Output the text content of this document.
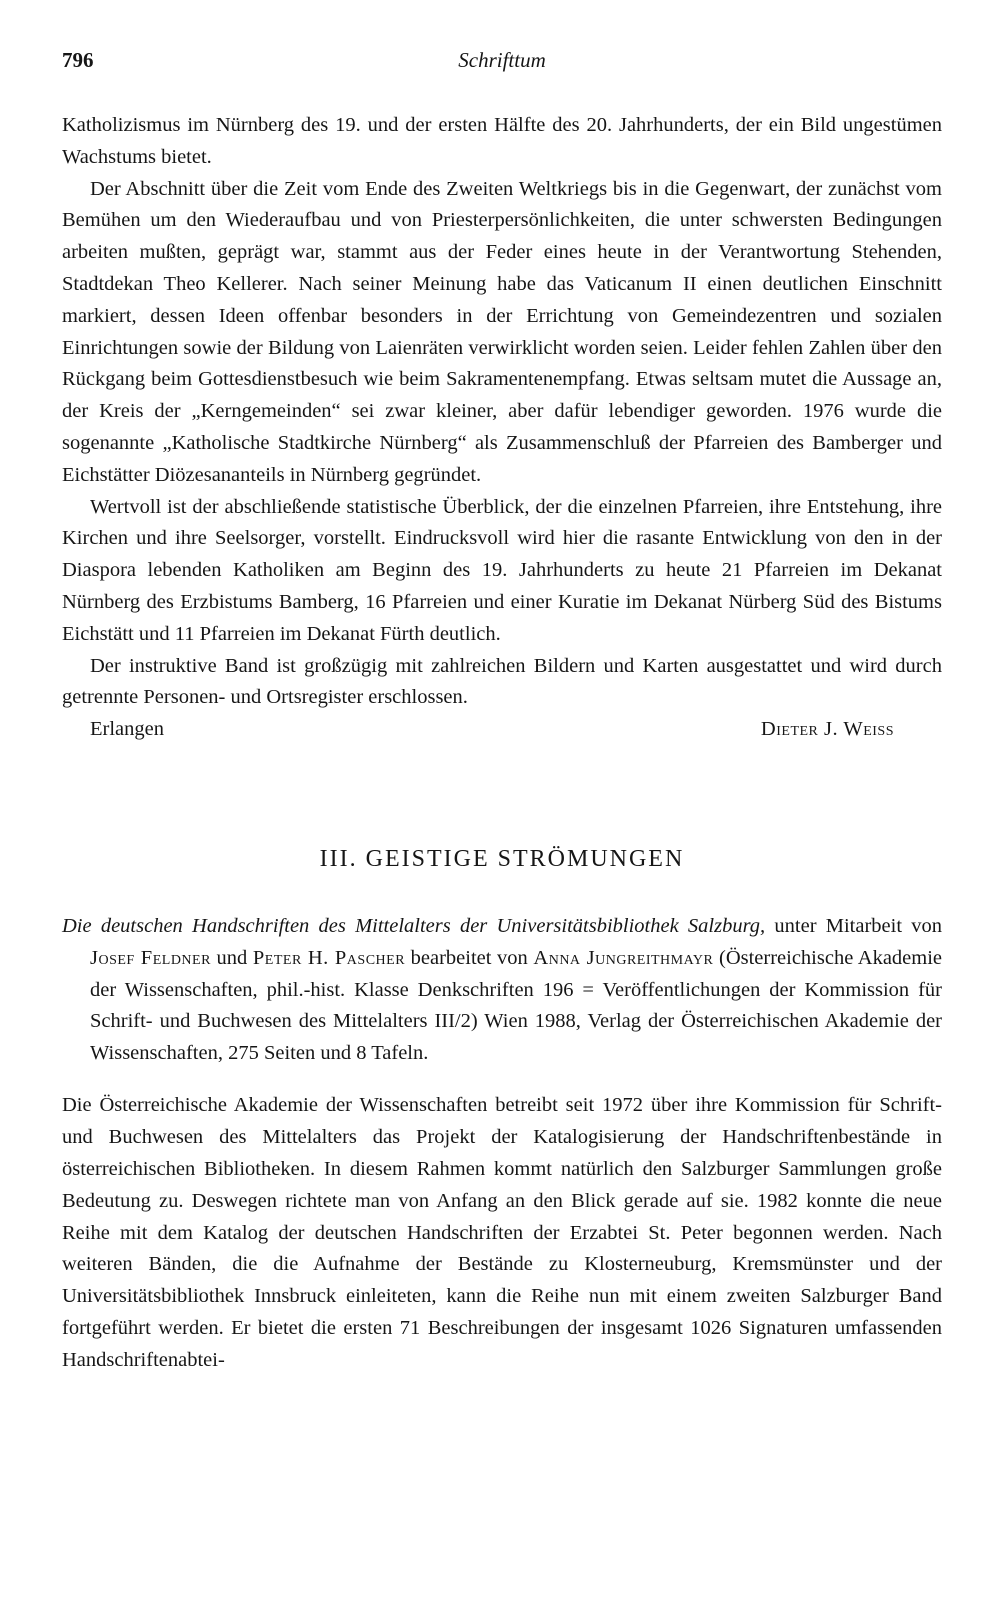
796	Schrifttum

Katholizismus im Nürnberg des 19. und der ersten Hälfte des 20. Jahrhunderts, der ein Bild ungestümen Wachstums bietet.

Der Abschnitt über die Zeit vom Ende des Zweiten Weltkriegs bis in die Gegenwart, der zunächst vom Bemühen um den Wiederaufbau und von Priesterpersönlichkeiten, die unter schwersten Bedingungen arbeiten mußten, geprägt war, stammt aus der Feder eines heute in der Verantwortung Stehenden, Stadtdekan Theo Kellerer. Nach seiner Meinung habe das Vaticanum II einen deutlichen Einschnitt markiert, dessen Ideen offenbar besonders in der Errichtung von Gemeindezentren und sozialen Einrichtungen sowie der Bildung von Laienräten verwirklicht worden seien. Leider fehlen Zahlen über den Rückgang beim Gottesdienstbesuch wie beim Sakramentenempfang. Etwas seltsam mutet die Aussage an, der Kreis der „Kerngemeinden“ sei zwar kleiner, aber dafür lebendiger geworden. 1976 wurde die sogenannte „Katholische Stadtkirche Nürnberg“ als Zusammenschluß der Pfarreien des Bamberger und Eichstätter Diözesananteils in Nürnberg gegründet.

Wertvoll ist der abschließende statistische Überblick, der die einzelnen Pfarreien, ihre Entstehung, ihre Kirchen und ihre Seelsorger, vorstellt. Eindrucksvoll wird hier die rasante Entwicklung von den in der Diaspora lebenden Katholiken am Beginn des 19. Jahrhunderts zu heute 21 Pfarreien im Dekanat Nürnberg des Erzbistums Bamberg, 16 Pfarreien und einer Kuratie im Dekanat Nürberg Süd des Bistums Eichstätt und 11 Pfarreien im Dekanat Fürth deutlich.

Der instruktive Band ist großzügig mit zahlreichen Bildern und Karten ausgestattet und wird durch getrennte Personen- und Ortsregister erschlossen.

Erlangen	Dieter J. Weiss
III. GEISTIGE STRÖMUNGEN

Die deutschen Handschriften des Mittelalters der Universitätsbibliothek Salzburg, unter Mitarbeit von Josef Feldner und Peter H. Pascher bearbeitet von Anna Jungreithmayr (Österreichische Akademie der Wissenschaften, phil.-hist. Klasse Denkschriften 196 = Veröffentlichungen der Kommission für Schrift- und Buchwesen des Mittelalters III/2) Wien 1988, Verlag der Österreichischen Akademie der Wissenschaften, 275 Seiten und 8 Tafeln.

Die Österreichische Akademie der Wissenschaften betreibt seit 1972 über ihre Kommission für Schrift- und Buchwesen des Mittelalters das Projekt der Katalogisierung der Handschriftenbestände in österreichischen Bibliotheken. In diesem Rahmen kommt natürlich den Salzburger Sammlungen große Bedeutung zu. Deswegen richtete man von Anfang an den Blick gerade auf sie. 1982 konnte die neue Reihe mit dem Katalog der deutschen Handschriften der Erzabtei St. Peter begonnen werden. Nach weiteren Bänden, die die Aufnahme der Bestände zu Klosterneuburg, Kremsmünster und der Universitätsbibliothek Innsbruck einleiteten, kann die Reihe nun mit einem zweiten Salzburger Band fortgeführt werden. Er bietet die ersten 71 Beschreibungen der insgesamt 1026 Signaturen umfassenden Handschriftenabtei-
